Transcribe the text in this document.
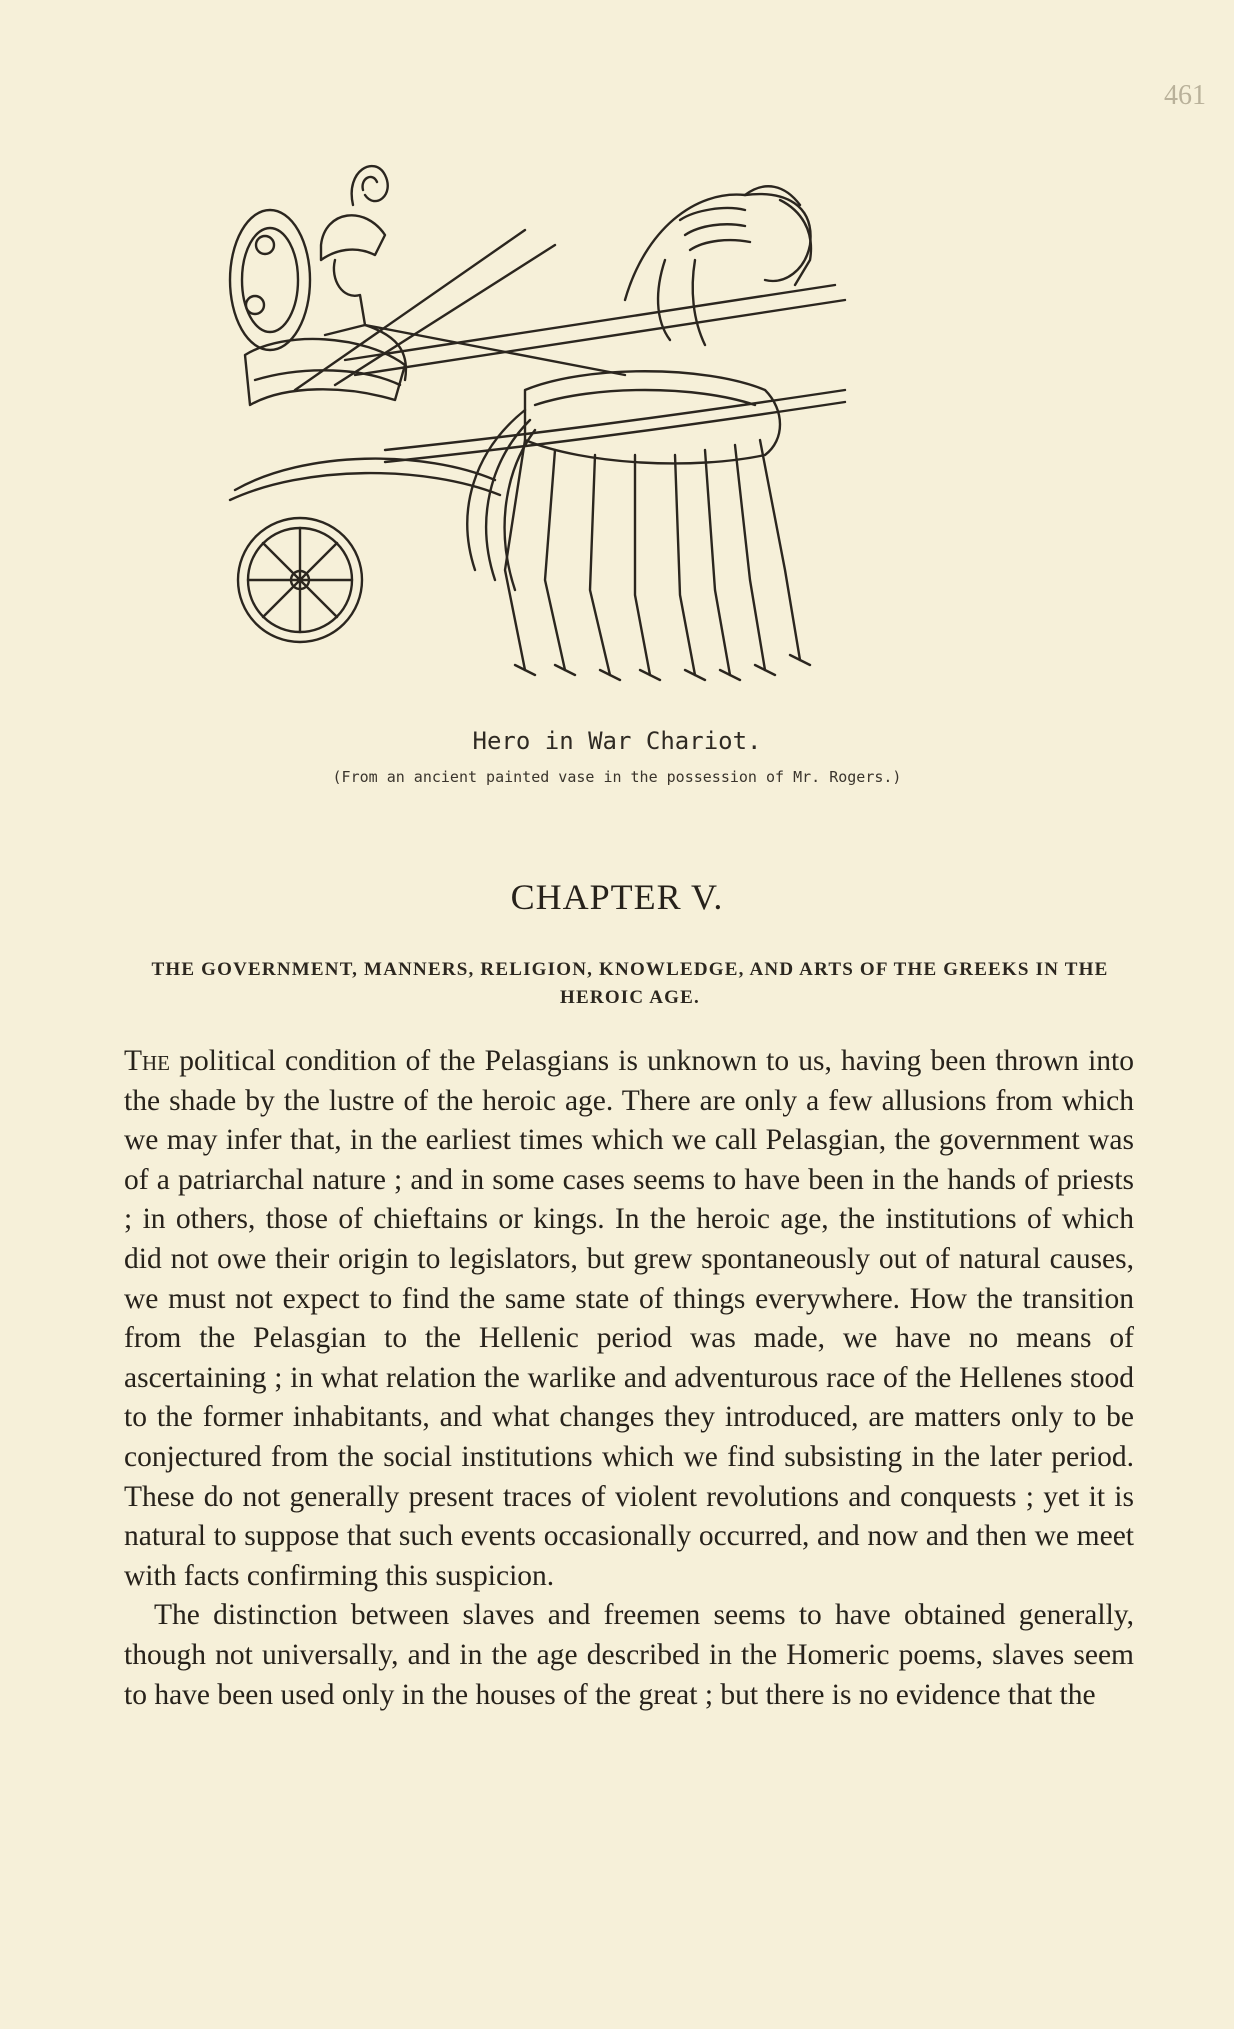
461
Hero in War Chariot.
(From an ancient painted vase in the possession of Mr. Rogers.)
CHAPTER V.
THE GOVERNMENT, MANNERS, RELIGION, KNOWLEDGE, AND ARTS OF THE GREEKS IN THE HEROIC AGE.

The political condition of the Pelasgians is unknown to us, having been thrown into the shade by the lustre of the heroic age. There are only a few allusions from which we may infer that, in the earliest times which we call Pelasgian, the government was of a patriarchal nature ; and in some cases seems to have been in the hands of priests ; in others, those of chieftains or kings. In the heroic age, the institutions of which did not owe their origin to legislators, but grew spontaneously out of natural causes, we must not expect to find the same state of things everywhere. How the transition from the Pelasgian to the Hellenic period was made, we have no means of ascertaining ; in what relation the warlike and adventurous race of the Hellenes stood to the former inhabitants, and what changes they introduced, are matters only to be conjectured from the social institutions which we find subsisting in the later period. These do not generally present traces of violent revolutions and conquests ; yet it is natural to suppose that such events occasionally occurred, and now and then we meet with facts confirming this suspicion.

The distinction between slaves and freemen seems to have obtained generally, though not universally, and in the age described in the Homeric poems, slaves seem to have been used only in the houses of the great ; but there is no evidence that the
